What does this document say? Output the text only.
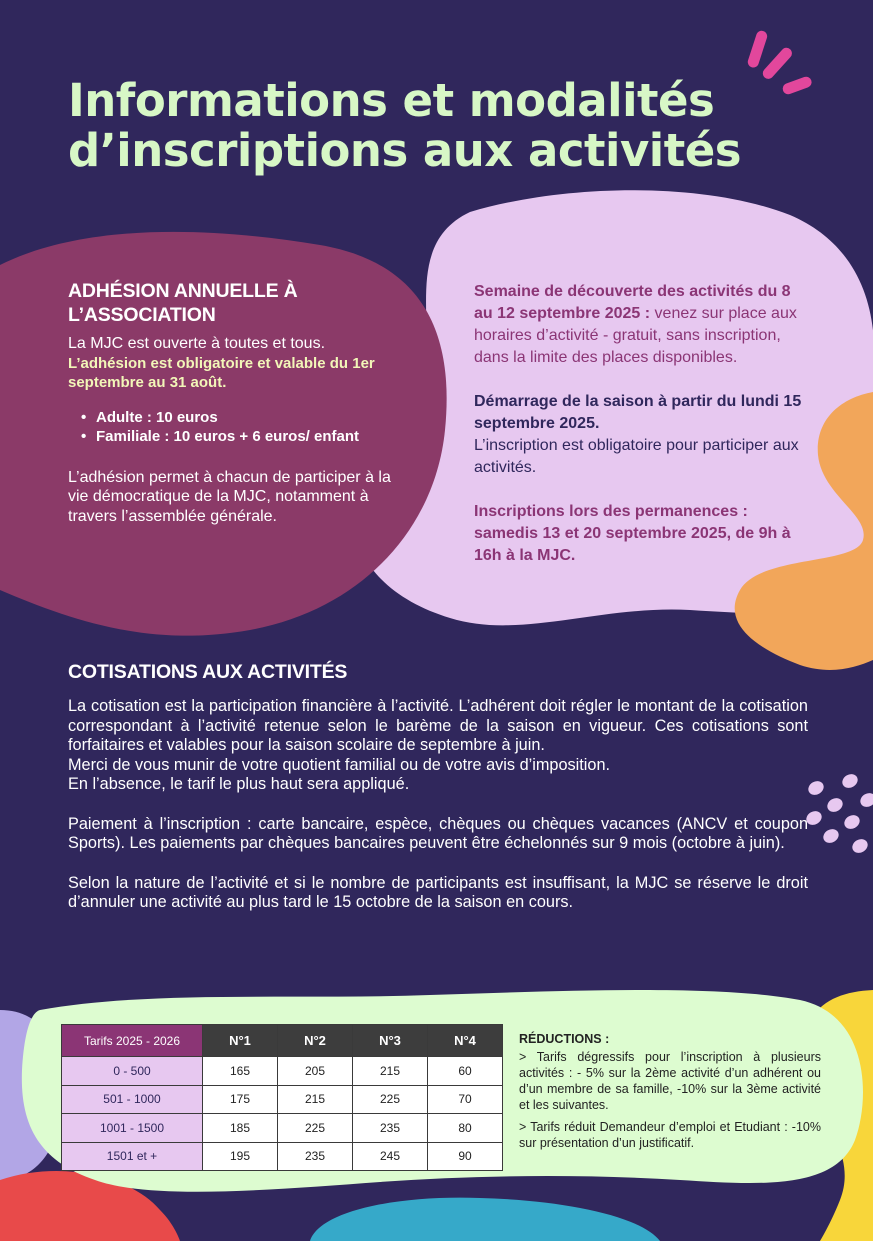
Informations et modalités
d’inscriptions aux activités
ADHÉSION ANNUELLE À
L’ASSOCIATION

La MJC est ouverte à toutes et tous.

L’adhésion est obligatoire et valable du 1er septembre au 31 août.

• Adulte : 10 euros
• Familiale : 10 euros + 6 euros/ enfant

L’adhésion permet à chacun de participer à la vie démocratique de la MJC, notamment à travers l’assemblée générale.

Semaine de découverte des activités du 8 au 12 septembre 2025 : venez sur place aux horaires d’activité - gratuit, sans inscription, dans la limite des places disponibles.

Démarrage de la saison à partir du lundi 15 septembre 2025.

L’inscription est obligatoire pour participer aux activités.

Inscriptions lors des permanences : samedis 13 et 20 septembre 2025, de 9h à 16h à la MJC.

COTISATIONS AUX ACTIVITÉS

La cotisation est la participation financière à l’activité. L’adhérent doit régler le montant de la cotisation correspondant à l’activité retenue selon le barème de la saison en vigueur. Ces cotisations sont forfaitaires et valables pour la saison scolaire de septembre à juin.

Merci de vous munir de votre quotient familial ou de votre avis d’imposition.

En l’absence, le tarif le plus haut sera appliqué.

Paiement à l’inscription : carte bancaire, espèce, chèques ou chèques vacances (ANCV et coupon Sports). Les paiements par chèques bancaires peuvent être échelonnés sur 9 mois (octobre à juin).

Selon la nature de l’activité et si le nombre de participants est insuffisant, la MJC se réserve le droit d’annuler une activité au plus tard le 15 octobre de la saison en cours.

Tarifs 2025 - 2026	N°1	N°2	N°3	N°4
0 - 500	165	205	215	60
501 - 1000	175	215	225	70
1001 - 1500	185	225	235	80
1501 et +	195	235	245	90

RÉDUCTIONS :

> Tarifs dégressifs pour l’inscription à plusieurs activités : - 5% sur la 2ème activité d’un adhérent ou d’un membre de sa famille, -10% sur la 3ème activité et les suivantes.

> Tarifs réduit Demandeur d’emploi et Etudiant : -10% sur présentation d’un justificatif.
